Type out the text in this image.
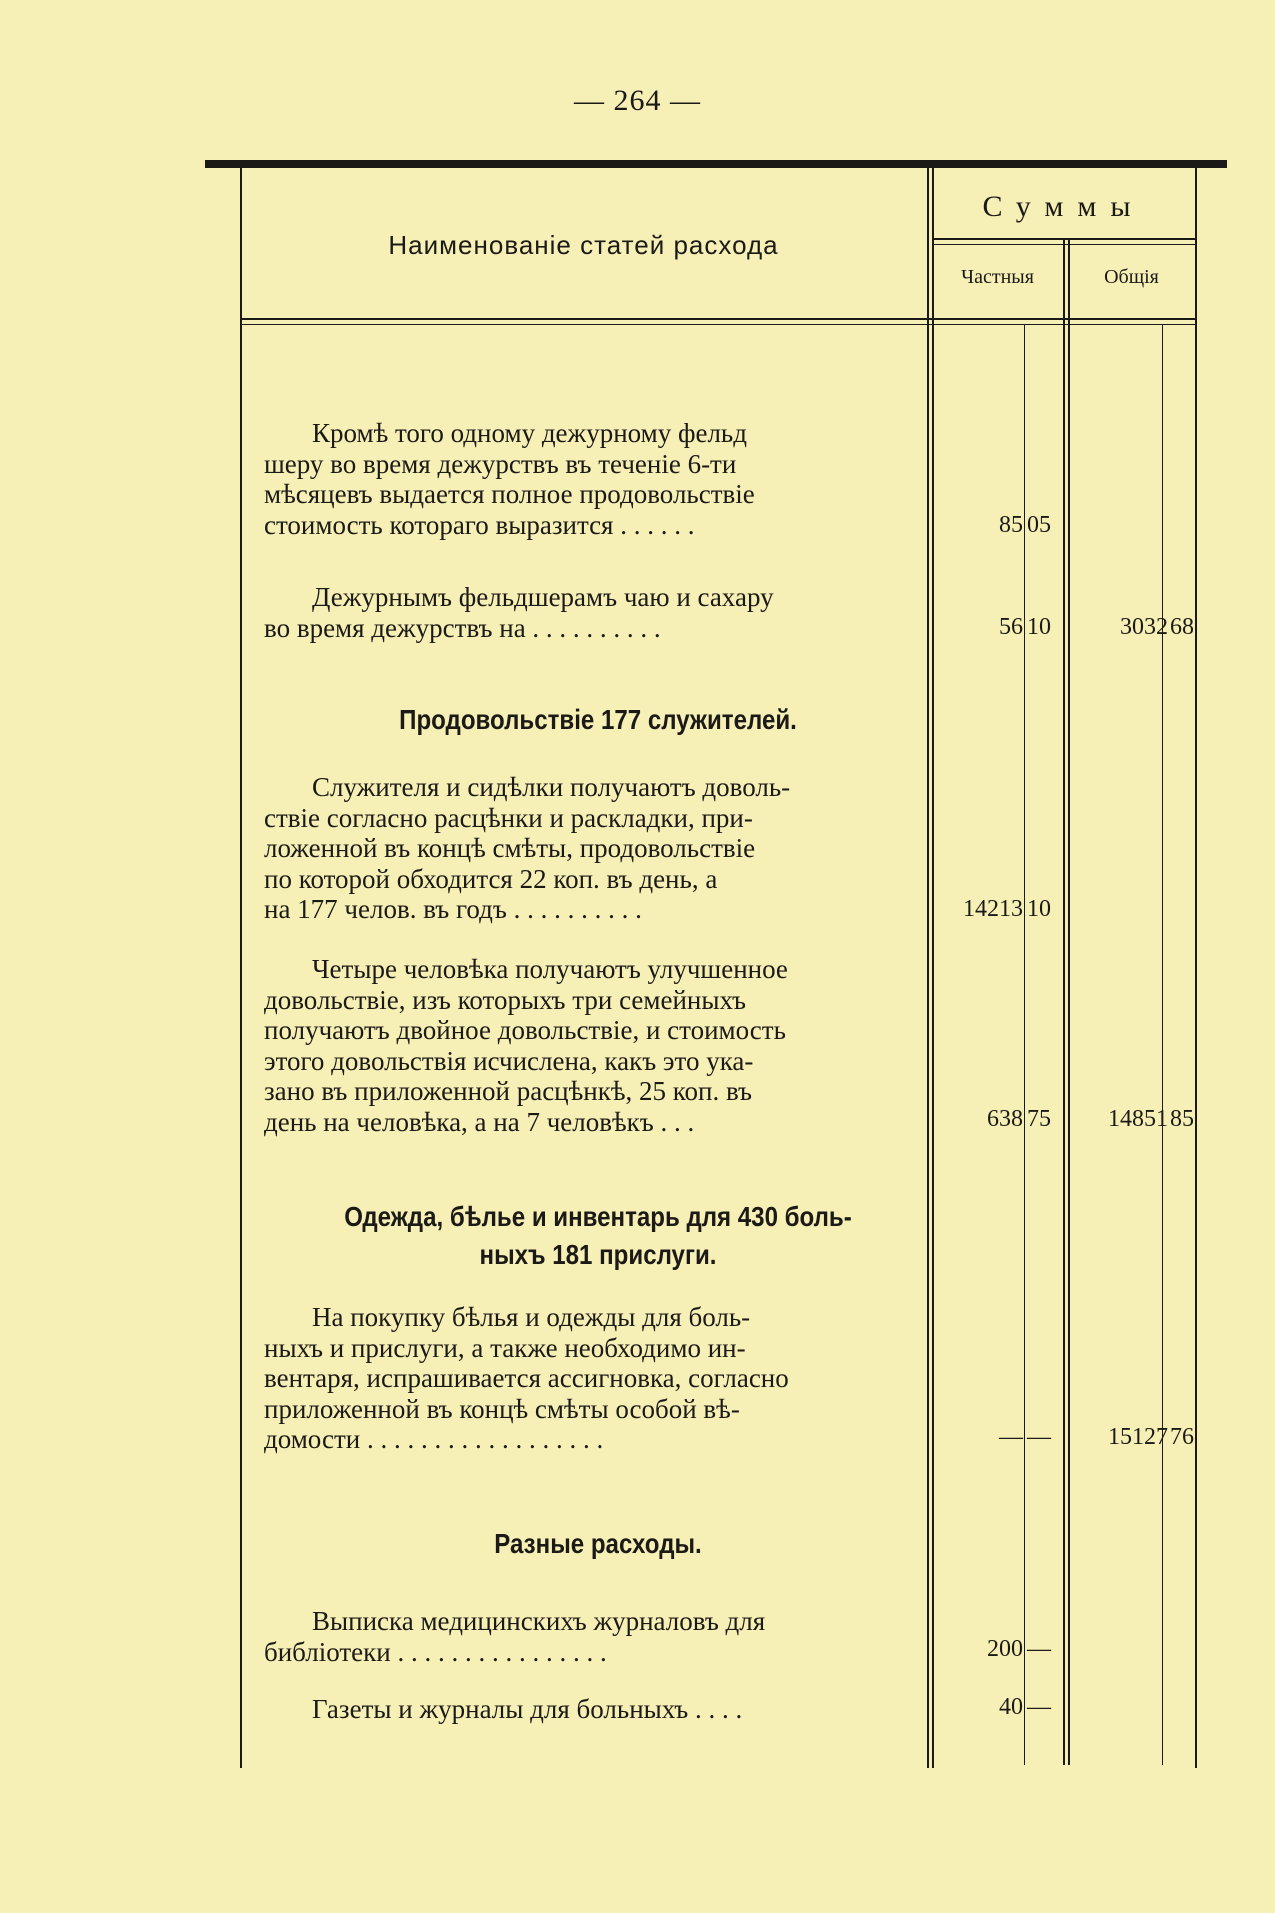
— 264 —
Наименованіе статей расхода
Суммы
Частныя	Общія
Кромѣ того одному дежурному фельд
шеру во время дежурствъ въ теченіе 6-ти
мѣсяцевъ выдается полное продовольствіе
стоимость котораго выразится . . . . . .	85 05
Дежурнымъ фельдшерамъ чаю и сахару
во время дежурствъ на . . . . . . . . . .	56 10	3032 68
Продовольствіе 177 служителей.
Служителя и сидѣлки получаютъ доволь-
ствіе согласно расцѣнки и раскладки, при-
ложенной въ концѣ смѣты, продовольствіе
по которой обходится 22 коп. въ день, а
на 177 челов. въ годъ . . . . . . . . . .	14213 10
Четыре человѣка получаютъ улучшенное
довольствіе, изъ которыхъ три семейныхъ
получаютъ двойное довольствіе, и стоимость
этого довольствія исчислена, какъ это ука-
зано въ приложенной расцѣнкѣ, 25 коп. въ
день на человѣка, а на 7 человѣкъ . . .	638 75	14851 85
Одежда, бѣлье и инвентарь для 430 боль-
ныхъ 181 прислуги.
На покупку бѣлья и одежды для боль-
ныхъ и прислуги, а также необходимо ин-
вентаря, испрашивается ассигновка, согласно
приложенной въ концѣ смѣты особой вѣ-
домости . . . . . . . . . . . . . . . . . .	— —	15127 76
Разные расходы.
Выписка медицинскихъ журналовъ для
библіотеки . . . . . . . . . . . . . . . .	200 —
Газеты и журналы для больныхъ . . . .	40 —
